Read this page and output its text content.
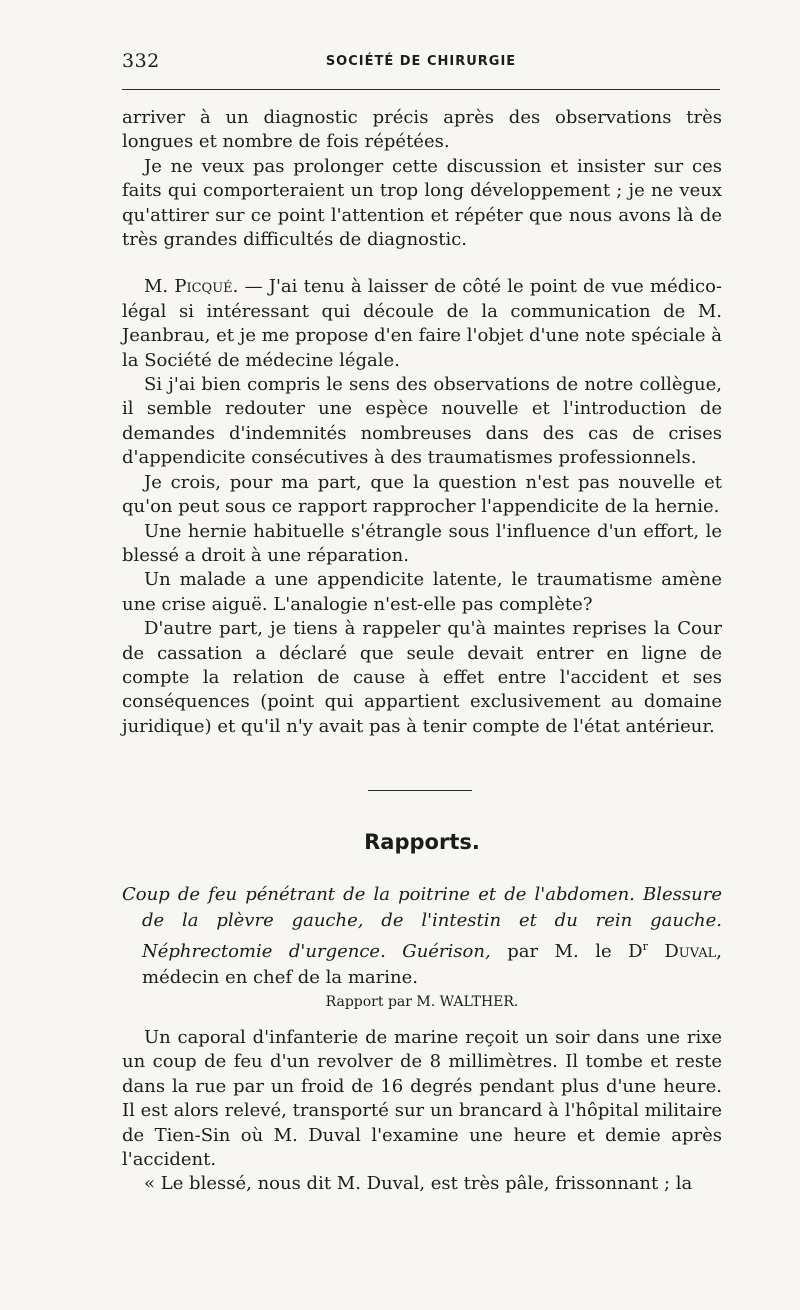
332	SOCIÉTÉ DE CHIRURGIE

arriver à un diagnostic précis après des observations très longues et nombre de fois répétées.

Je ne veux pas prolonger cette discussion et insister sur ces faits qui comporteraient un trop long développement ; je ne veux qu'attirer sur ce point l'attention et répéter que nous avons là de très grandes difficultés de diagnostic.

M. Picqué. — J'ai tenu à laisser de côté le point de vue médico-légal si intéressant qui découle de la communication de M. Jeanbrau, et je me propose d'en faire l'objet d'une note spéciale à la Société de médecine légale.

Si j'ai bien compris le sens des observations de notre collègue, il semble redouter une espèce nouvelle et l'introduction de demandes d'indemnités nombreuses dans des cas de crises d'appendicite consécutives à des traumatismes professionnels.

Je crois, pour ma part, que la question n'est pas nouvelle et qu'on peut sous ce rapport rapprocher l'appendicite de la hernie.

Une hernie habituelle s'étrangle sous l'influence d'un effort, le blessé a droit à une réparation.

Un malade a une appendicite latente, le traumatisme amène une crise aiguë. L'analogie n'est-elle pas complète?

D'autre part, je tiens à rappeler qu'à maintes reprises la Cour de cassation a déclaré que seule devait entrer en ligne de compte la relation de cause à effet entre l'accident et ses conséquences (point qui appartient exclusivement au domaine juridique) et qu'il n'y avait pas à tenir compte de l'état antérieur.

Rapports.

Coup de feu pénétrant de la poitrine et de l'abdomen. Blessure de la plèvre gauche, de l'intestin et du rein gauche. Néphrectomie d'urgence. Guérison, par M. le $D^r$ Duval, médecin en chef de la marine.

Rapport par M. WALTHER.

Un caporal d'infanterie de marine reçoit un soir dans une rixe un coup de feu d'un revolver de 8 millimètres. Il tombe et reste dans la rue par un froid de 16 degrés pendant plus d'une heure. Il est alors relevé, transporté sur un brancard à l'hôpital militaire de Tien-Sin où M. Duval l'examine une heure et demie après l'accident.

« Le blessé, nous dit M. Duval, est très pâle, frissonnant ; la
